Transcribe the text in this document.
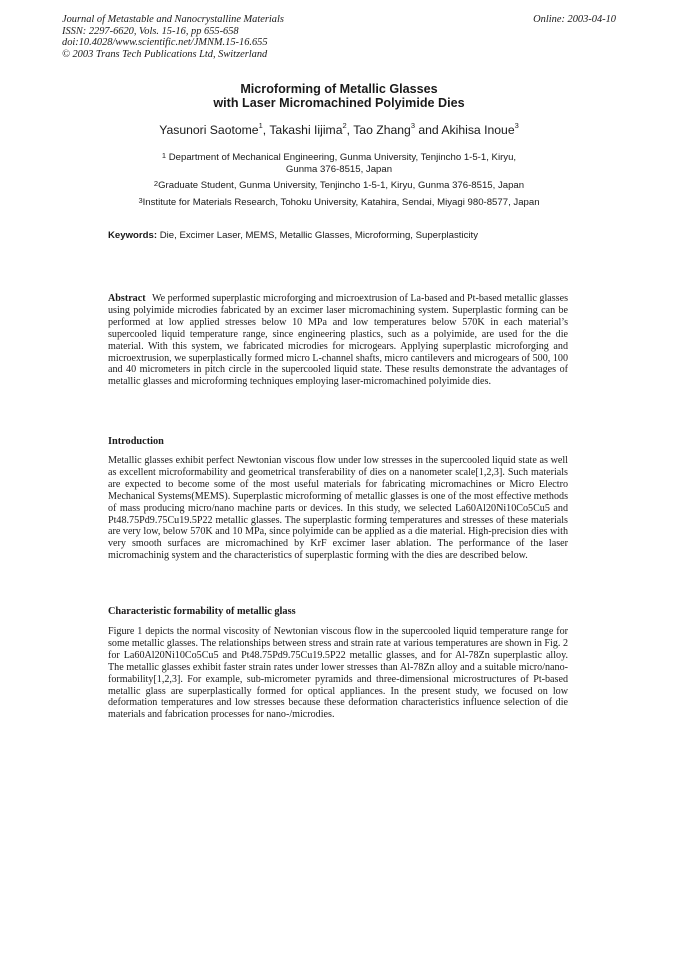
Journal of Metastable and Nanocrystalline Materials
ISSN: 2297-6620, Vols. 15-16, pp 655-658
doi:10.4028/www.scientific.net/JMNM.15-16.655
© 2003 Trans Tech Publications Ltd, Switzerland
Online: 2003-04-10
Microforming of Metallic Glasses
with Laser Micromachined Polyimide Dies
Yasunori Saotome$^1$, Takashi Iijima$^2$, Tao Zhang$^3$ and Akihisa Inoue$^3$
$^1$ Department of Mechanical Engineering, Gunma University, Tenjincho 1-5-1, Kiryu,
Gunma 376-8515, Japan
$^2$Graduate Student, Gunma University, Tenjincho 1-5-1, Kiryu, Gunma 376-8515, Japan
$^3$Institute for Materials Research, Tohoku University, Katahira, Sendai, Miyagi 980-8577, Japan
Keywords: Die, Excimer Laser, MEMS, Metallic Glasses, Microforming, Superplasticity
Abstract We performed superplastic microforging and microextrusion of La-based and Pt-based metallic glasses using polyimide microdies fabricated by an excimer laser micromachining system. Superplastic forming can be performed at low applied stresses below 10 MPa and low temperatures below 570K in each material’s supercooled liquid temperature range, since engineering plastics, such as a polyimide, are used for the die material. With this system, we fabricated microdies for microgears. Applying superplastic microforging and microextrusion, we superplastically formed micro L-channel shafts, micro cantilevers and microgears of 500, 100 and 40 micrometers in pitch circle in the supercooled liquid state. These results demonstrate the advantages of metallic glasses and microforming techniques employing laser-micromachined polyimide dies.
Introduction
Metallic glasses exhibit perfect Newtonian viscous flow under low stresses in the supercooled liquid state as well as excellent microformability and geometrical transferability of dies on a nanometer scale[1,2,3]. Such materials are expected to become some of the most useful materials for fabricating micromachines or Micro Electro Mechanical Systems(MEMS). Superplastic microforming of metallic glasses is one of the most effective methods of mass producing micro/nano machine parts or devices. In this study, we selected La60Al20Ni10Co5Cu5 and Pt48.75Pd9.75Cu19.5P22 metallic glasses. The superplastic forming temperatures and stresses of these materials are very low, below 570K and 10 MPa, since polyimide can be applied as a die material. High-precision dies with very smooth surfaces are micromachined by KrF excimer laser ablation. The performance of the laser micromachinig system and the characteristics of superplastic forming with the dies are described below.
Characteristic formability of metallic glass
Figure 1 depicts the normal viscosity of Newtonian viscous flow in the supercooled liquid temperature range for some metallic glasses. The relationships between stress and strain rate at various temperatures are shown in Fig. 2 for La60Al20Ni10Co5Cu5 and Pt48.75Pd9.75Cu19.5P22 metallic glasses, and for Al-78Zn superplastic alloy. The metallic glasses exhibit faster strain rates under lower stresses than Al-78Zn alloy and a suitable micro/nano-formability[1,2,3]. For example, sub-micrometer pyramids and three-dimensional microstructures of Pt-based metallic glass are superplastically formed for optical appliances. In the present study, we focused on low deformation temperatures and low stresses because these deformation characteristics influence selection of die materials and fabrication processes for nano-/microdies.
